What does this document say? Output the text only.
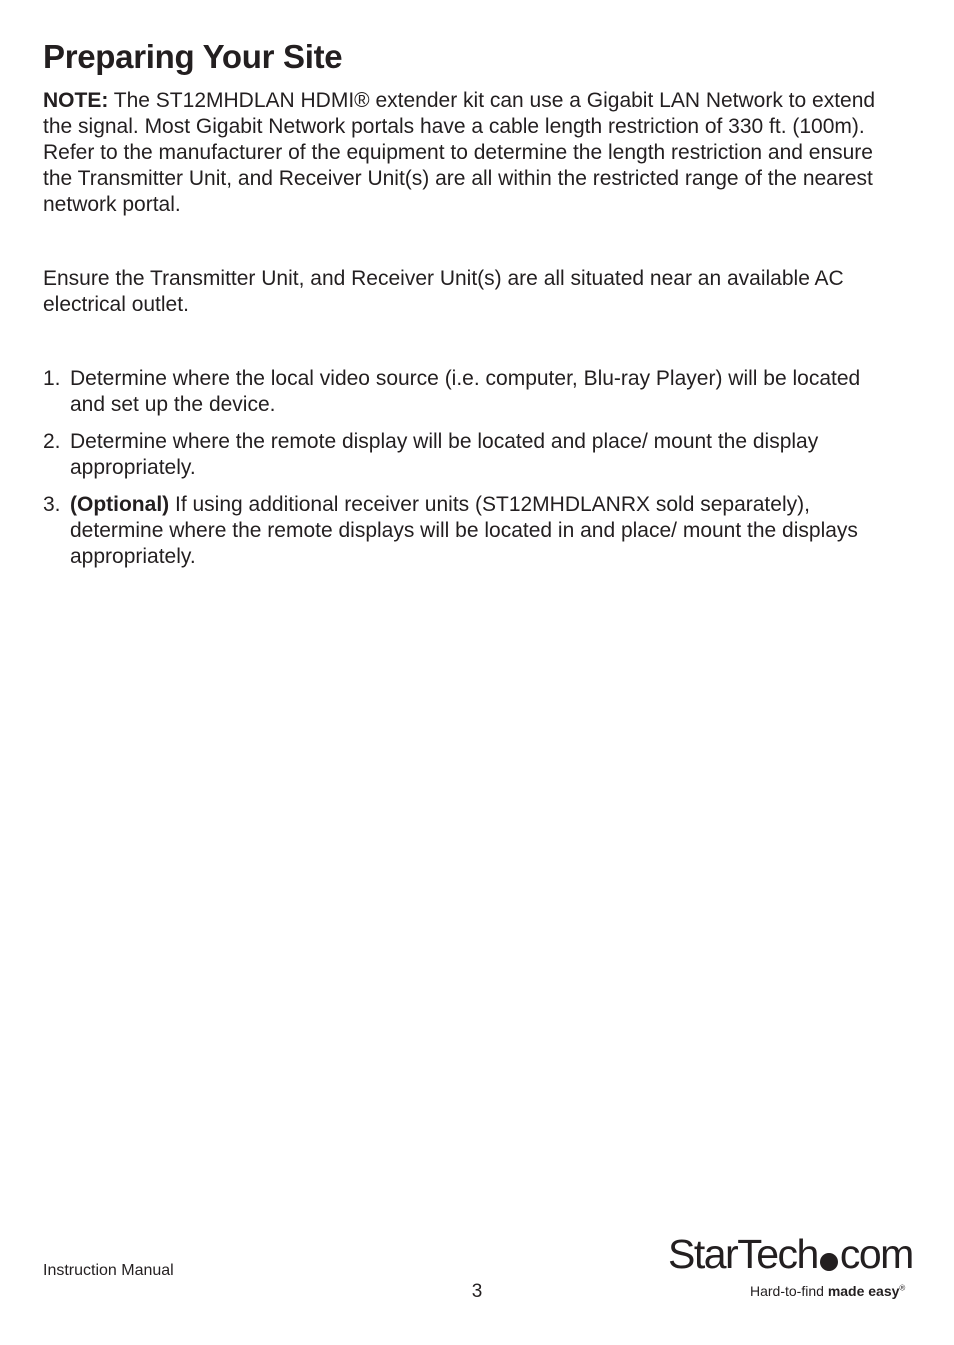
Preparing Your Site

NOTE: The ST12MHDLAN HDMI® extender kit can use a Gigabit LAN Network to extend the signal. Most Gigabit Network portals have a cable length restriction of 330 ft. (100m). Refer to the manufacturer of the equipment to determine the length restriction and ensure the Transmitter Unit, and Receiver Unit(s) are all within the restricted range of the nearest network portal.

Ensure the Transmitter Unit, and Receiver Unit(s) are all situated near an available AC electrical outlet.

1. Determine where the local video source (i.e. computer, Blu-ray Player) will be located and set up the device.
2. Determine where the remote display will be located and place/ mount the display appropriately.
3. (Optional) If using additional receiver units (ST12MHDLANRX sold separately), determine where the remote displays will be located in and place/ mount the displays appropriately.
Instruction Manual
3
StarTech com
Hard-to-find made easy®
